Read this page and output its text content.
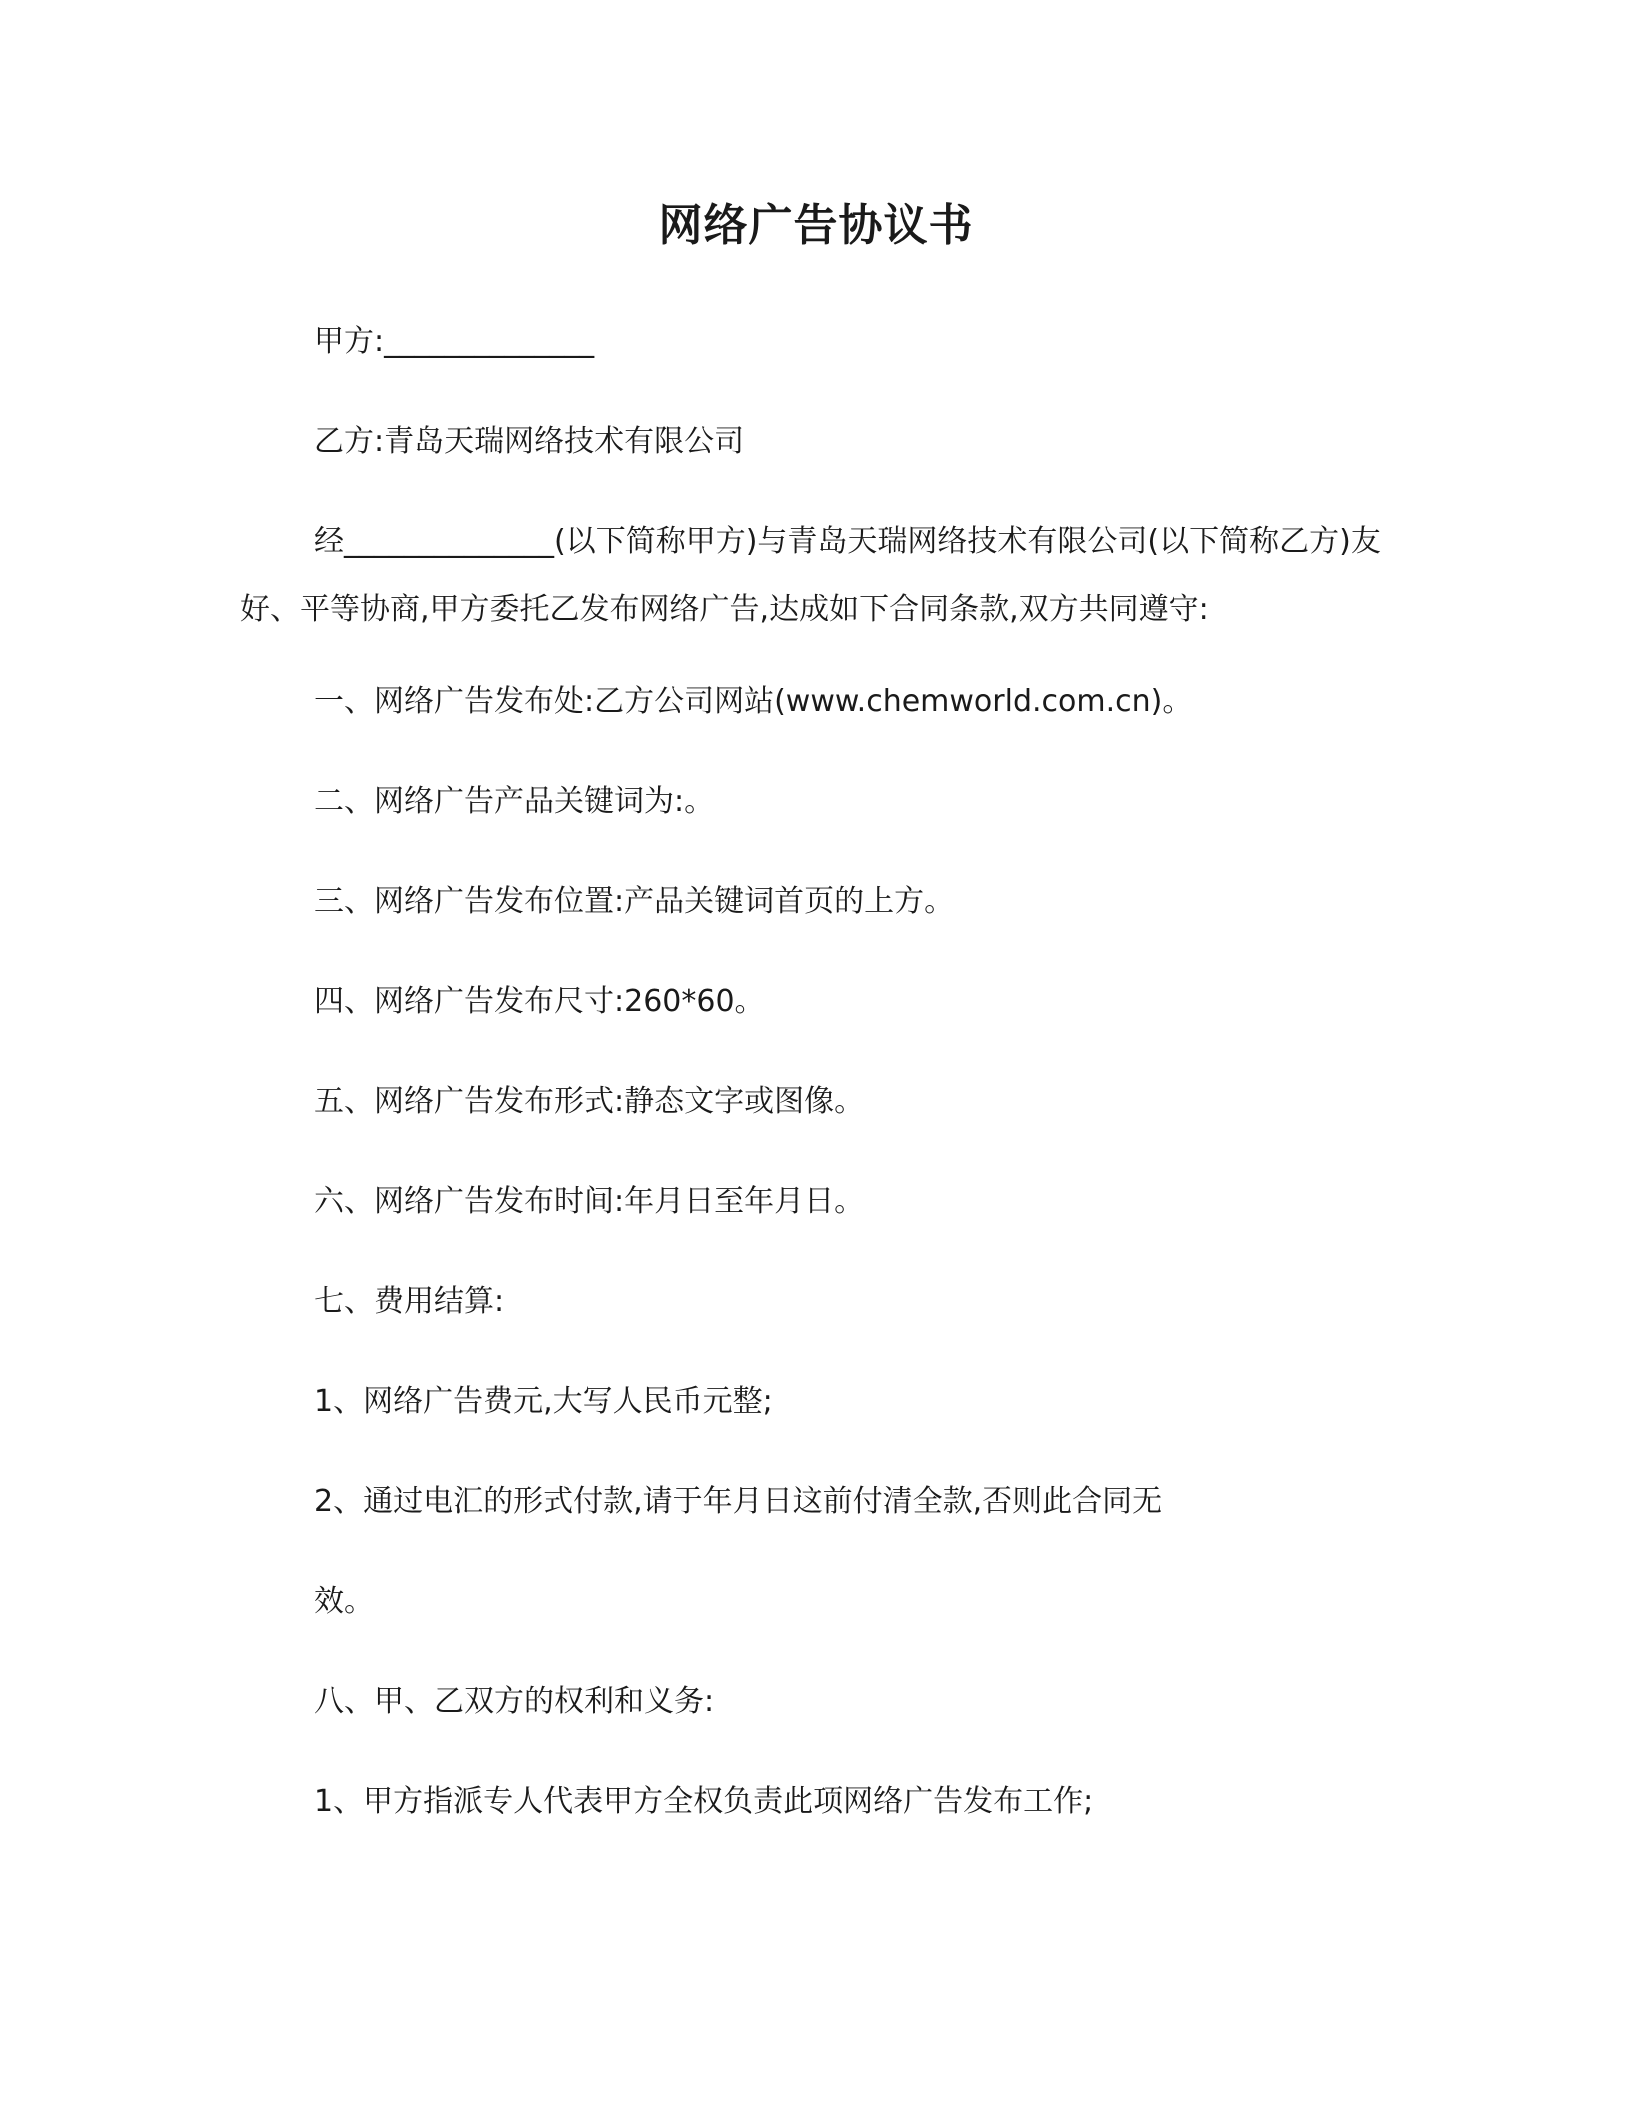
网络广告协议书
甲方:______________
乙方:青岛天瑞网络技术有限公司
经______________(以下简称甲方)与青岛天瑞网络技术有限公司(以下简称乙方)友好、平等协商,甲方委托乙发布网络广告,达成如下合同条款,双方共同遵守:
一、网络广告发布处:乙方公司网站(www.chemworld.com.cn)。
二、网络广告产品关键词为:。
三、网络广告发布位置:产品关键词首页的上方。
四、网络广告发布尺寸:260*60。
五、网络广告发布形式:静态文字或图像。
六、网络广告发布时间:年月日至年月日。
七、费用结算:
1、网络广告费元,大写人民币元整;
2、通过电汇的形式付款,请于年月日这前付清全款,否则此合同无
效。
八、甲、乙双方的权利和义务:
1、甲方指派专人代表甲方全权负责此项网络广告发布工作;
